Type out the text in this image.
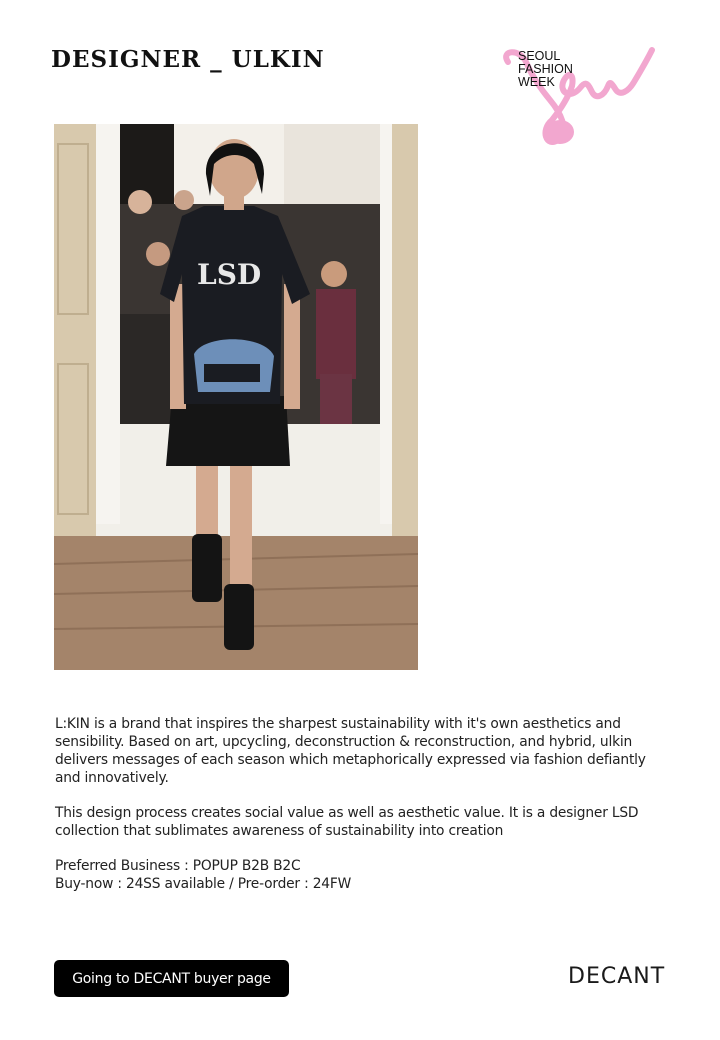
DESIGNER _ ULKIN	SEOUL
FASHION
WEEK
LSD

L:KIN is a brand that inspires the sharpest sustainability with it's own aesthetics and sensibility. Based on art, upcycling, deconstruction & reconstruction, and hybrid, ulkin delivers messages of each season which metaphorically expressed via fashion defiantly and innovatively.

This design process creates social value as well as aesthetic value. It is a designer LSD collection that sublimates awareness of sustainability into creation

Preferred Business : POPUP B2B B2C

Buy-now : 24SS available / Pre-order : 24FW

Going to DECANT buyer page	DECANT
